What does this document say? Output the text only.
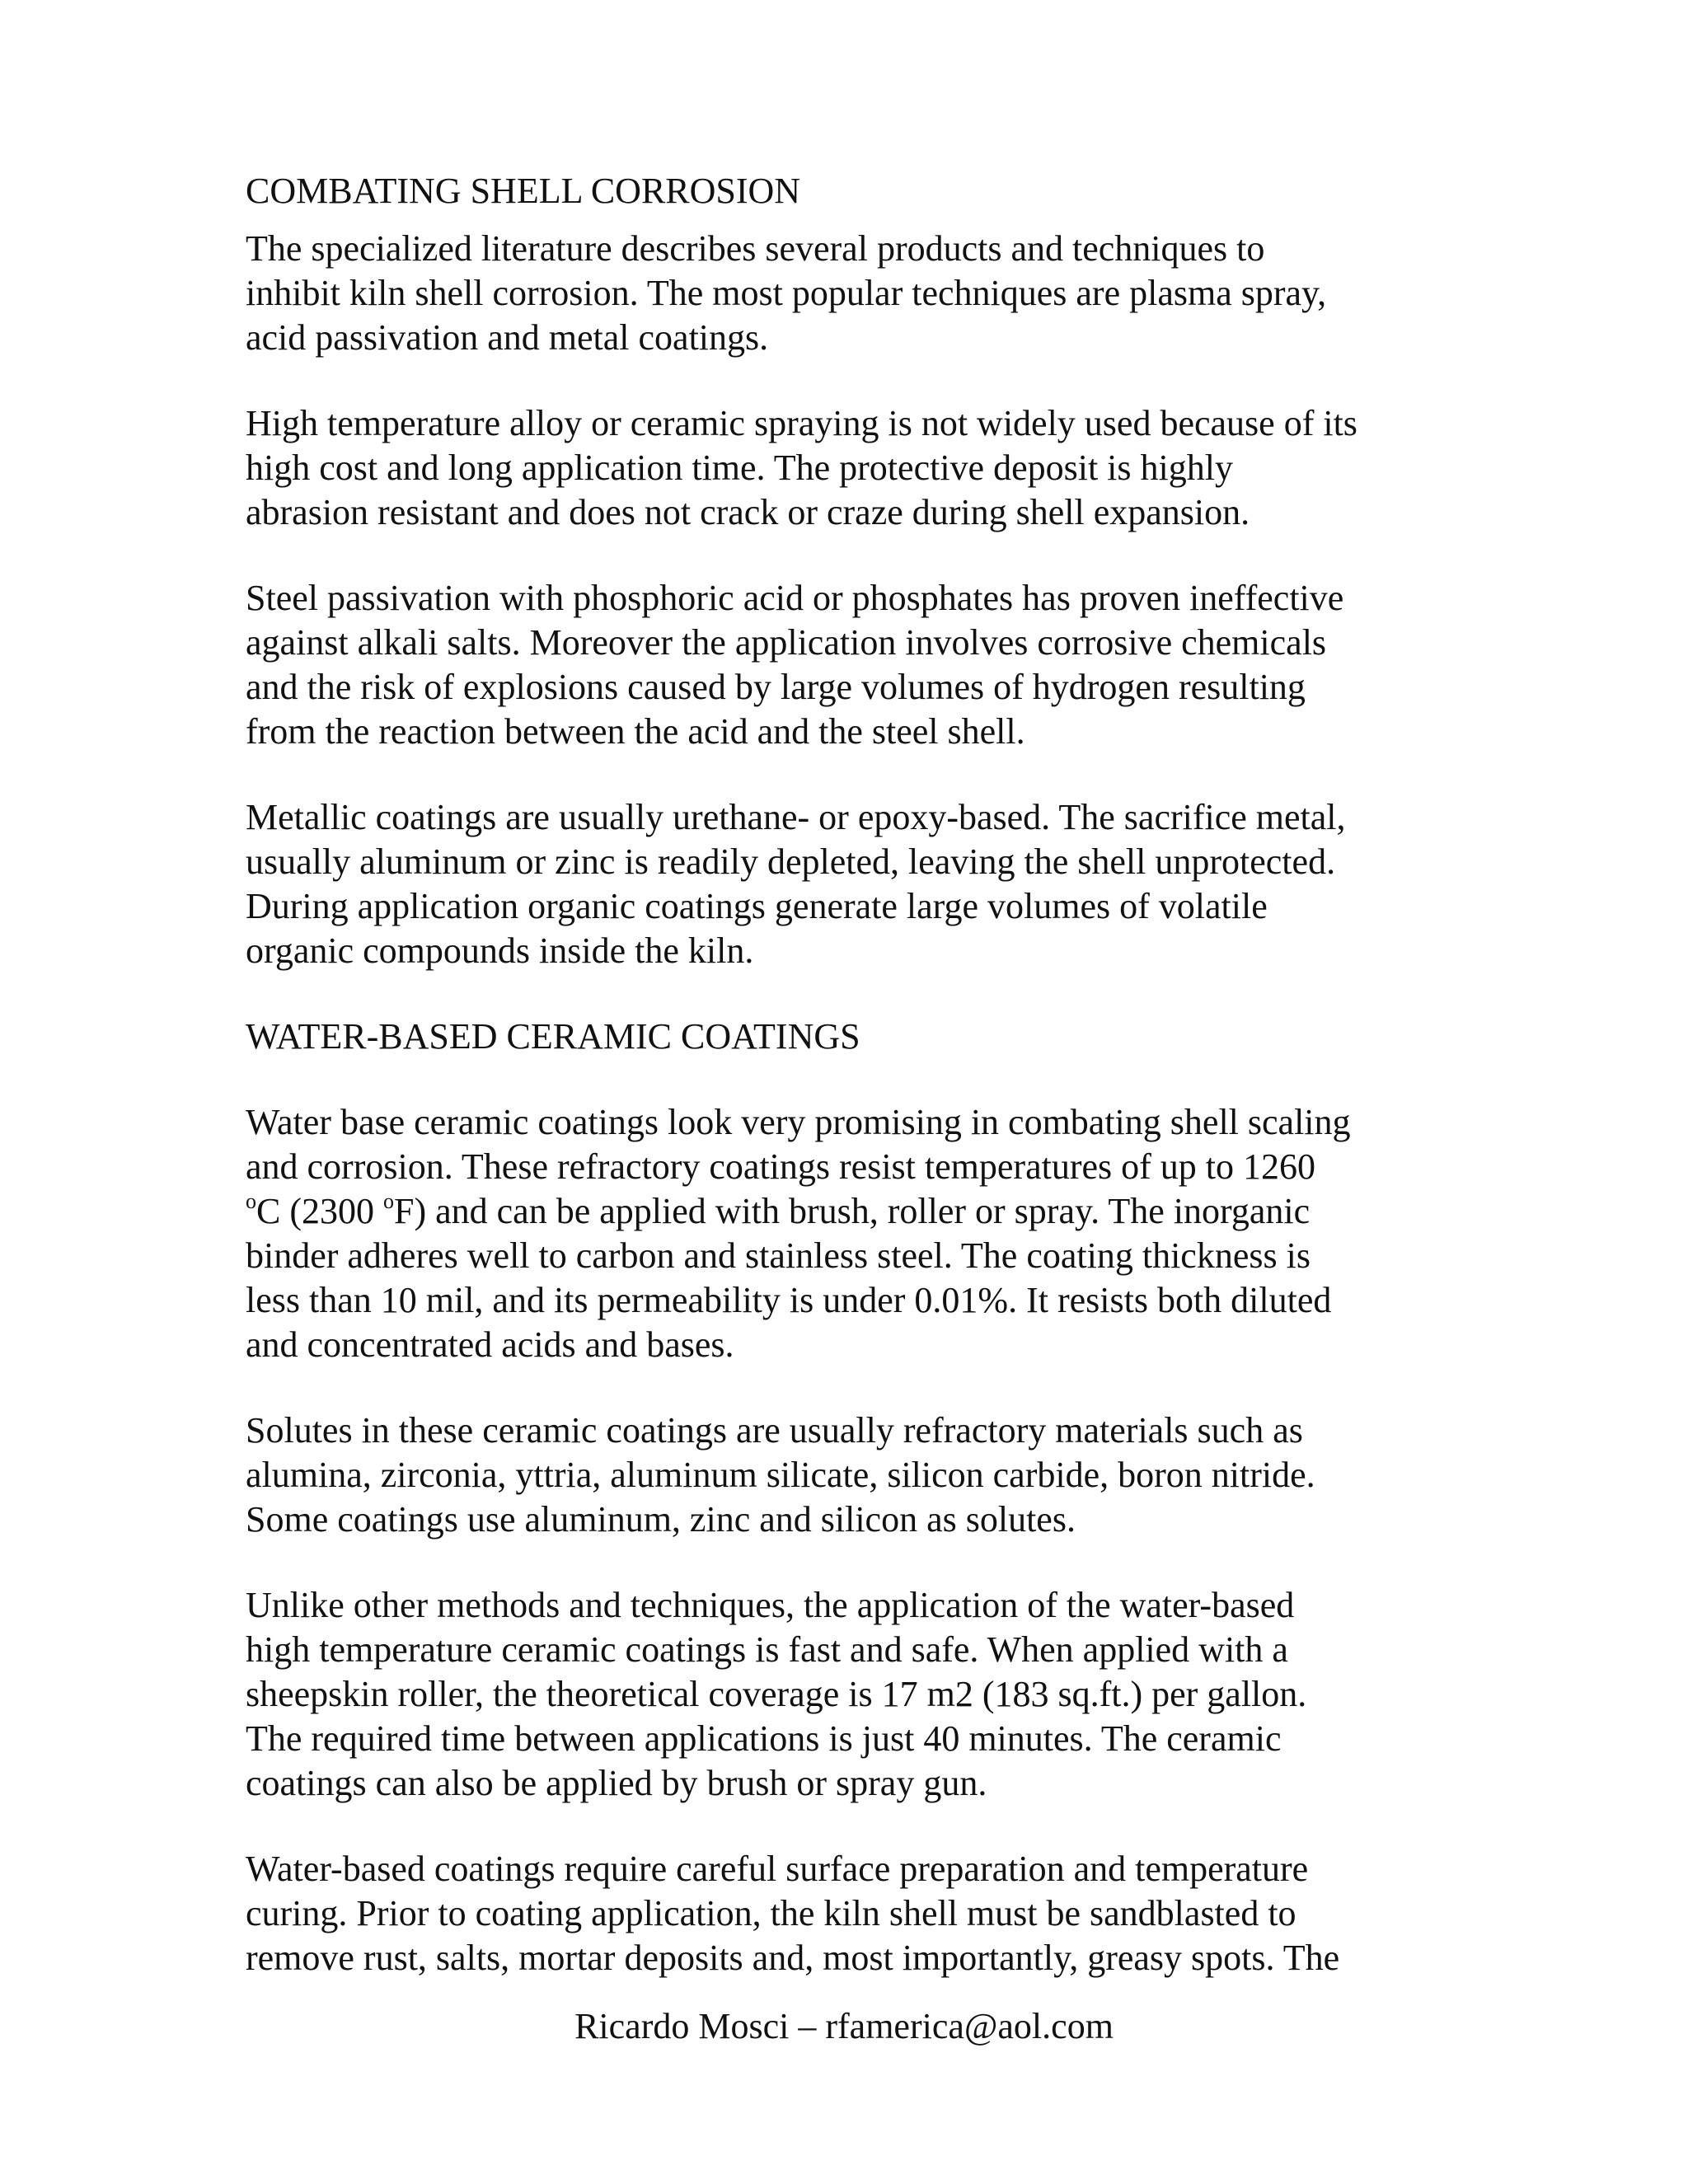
COMBATING SHELL CORROSION
The specialized literature describes several products and techniques to
inhibit kiln shell corrosion. The most popular techniques are plasma spray,
acid passivation and metal coatings.
High temperature alloy or ceramic spraying is not widely used because of its
high cost and long application time. The protective deposit is highly
abrasion resistant and does not crack or craze during shell expansion.
Steel passivation with phosphoric acid or phosphates has proven ineffective
against alkali salts. Moreover the application involves corrosive chemicals
and the risk of explosions caused by large volumes of hydrogen resulting
from the reaction between the acid and the steel shell.
Metallic coatings are usually urethane- or epoxy-based. The sacrifice metal,
usually aluminum or zinc is readily depleted, leaving the shell unprotected.
During application organic coatings generate large volumes of volatile
organic compounds inside the kiln.
WATER-BASED CERAMIC COATINGS
Water base ceramic coatings look very promising in combating shell scaling
and corrosion. These refractory coatings resist temperatures of up to 1260
$^o$C (2300 $^o$F) and can be applied with brush, roller or spray. The inorganic
binder adheres well to carbon and stainless steel. The coating thickness is
less than 10 mil, and its permeability is under 0.01%. It resists both diluted
and concentrated acids and bases.
Solutes in these ceramic coatings are usually refractory materials such as
alumina, zirconia, yttria, aluminum silicate, silicon carbide, boron nitride.
Some coatings use aluminum, zinc and silicon as solutes.
Unlike other methods and techniques, the application of the water-based
high temperature ceramic coatings is fast and safe. When applied with a
sheepskin roller, the theoretical coverage is 17 m2 (183 sq.ft.) per gallon.
The required time between applications is just 40 minutes. The ceramic
coatings can also be applied by brush or spray gun.
Water-based coatings require careful surface preparation and temperature
curing. Prior to coating application, the kiln shell must be sandblasted to
remove rust, salts, mortar deposits and, most importantly, greasy spots. The
Ricardo Mosci – rfamerica@aol.com
